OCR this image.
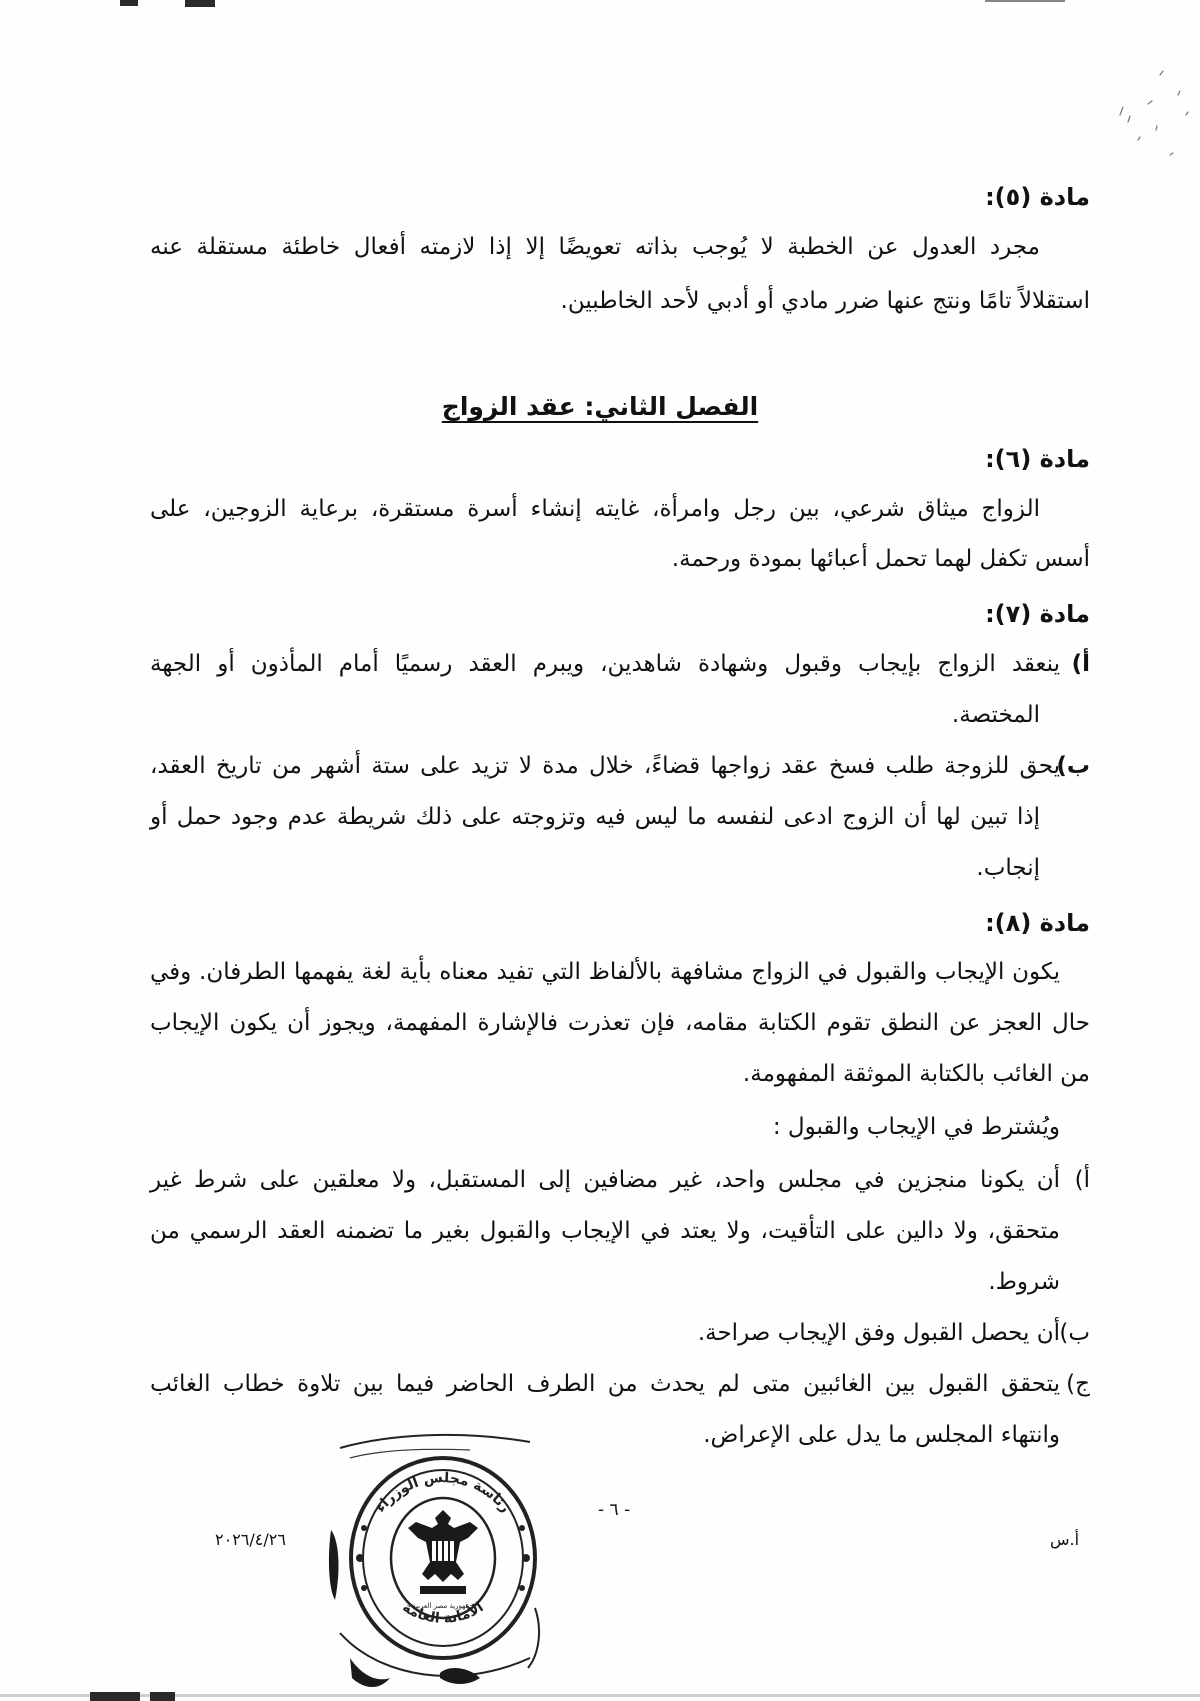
مادة (٥):
مجرد العدول عن الخطبة لا يُوجب بذاته تعويضًا إلا إذا لازمته أفعال خاطئة مستقلة عنه
استقلالاً تامًا ونتج عنها ضرر مادي أو أدبي لأحد الخاطبين.
الفصل الثاني: عقد الزواج
مادة (٦):
الزواج ميثاق شرعي، بين رجل وامرأة، غايته إنشاء أسرة مستقرة، برعاية الزوجين، على
أسس تكفل لهما تحمل أعبائها بمودة ورحمة.
مادة (٧):
أ)
ينعقد الزواج بإيجاب وقبول وشهادة شاهدين، ويبرم العقد رسميًا أمام المأذون أو الجهة
المختصة.
ب)
يحق للزوجة طلب فسخ عقد زواجها قضاءً، خلال مدة لا تزيد على ستة أشهر من تاريخ العقد،
إذا تبين لها أن الزوج ادعى لنفسه ما ليس فيه وتزوجته على ذلك شريطة عدم وجود حمل أو
إنجاب.
مادة (٨):
يكون الإيجاب والقبول في الزواج مشافهة بالألفاظ التي تفيد معناه بأية لغة يفهمها الطرفان. وفي
حال العجز عن النطق تقوم الكتابة مقامه، فإن تعذرت فالإشارة المفهمة، ويجوز أن يكون الإيجاب
من الغائب بالكتابة الموثقة المفهومة.
ويُشترط في الإيجاب والقبول :
أ)
أن يكونا منجزين في مجلس واحد، غير مضافين إلى المستقبل، ولا معلقين على شرط غير
متحقق، ولا دالين على التأقيت، ولا يعتد في الإيجاب والقبول بغير ما تضمنه العقد الرسمي من
شروط.
ب)
أن يحصل القبول وفق الإيجاب صراحة.
ج)
يتحقق القبول بين الغائبين متى لم يحدث من الطرف الحاضر فيما بين تلاوة خطاب الغائب
وانتهاء المجلس ما يدل على الإعراض.
- ٦ -
أ.س
٢٠٢٦/٤/٢٦
رئاسة مجلس الوزراء
الأمانة العامة
جمهورية مصر العربية
